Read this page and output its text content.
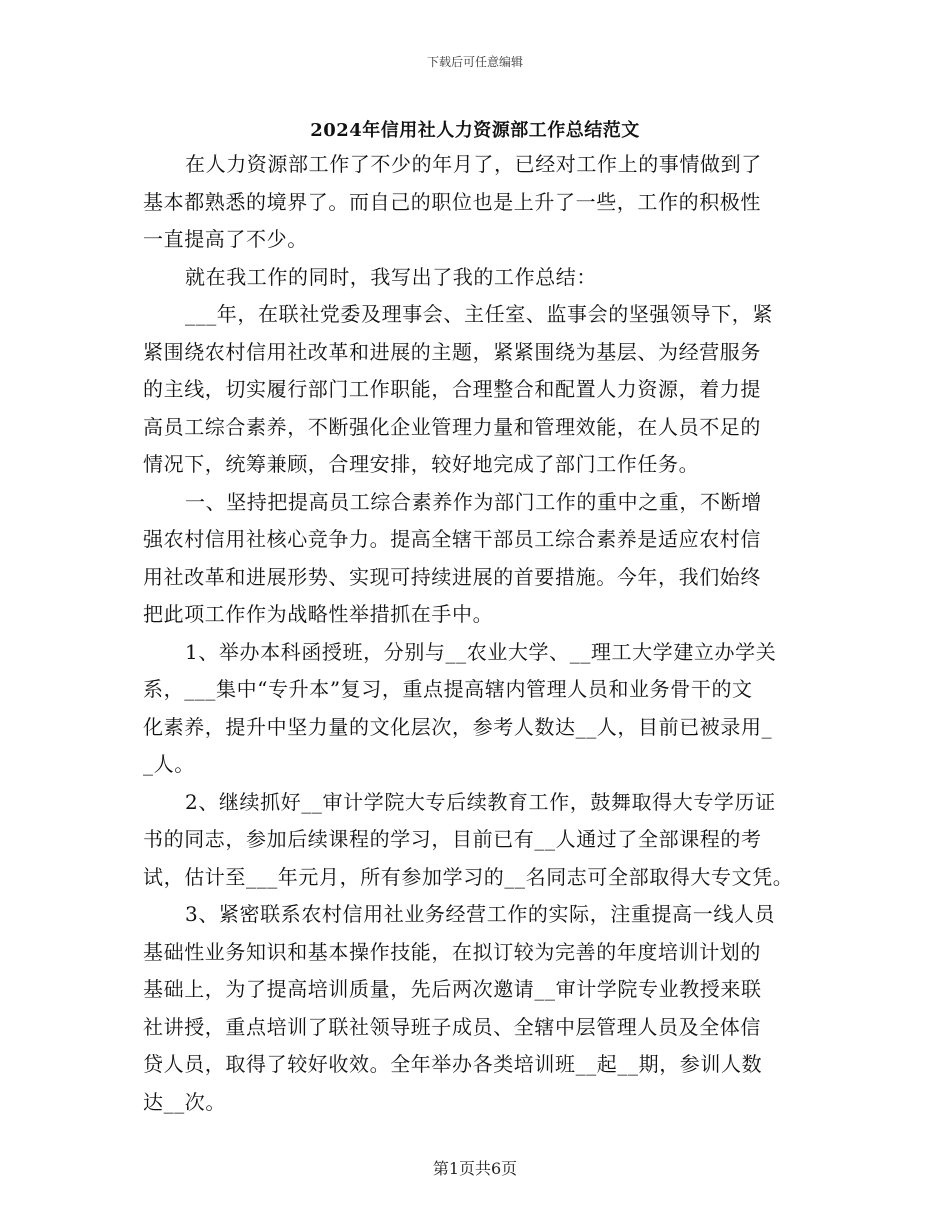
下载后可任意编辑
2024年信用社人力资源部工作总结范文
在人力资源部工作了不少的年月了，已经对工作上的事情做到了
基本都熟悉的境界了。而自己的职位也是上升了一些，工作的积极性
一直提高了不少。
就在我工作的同时，我写出了我的工作总结：
___年，在联社党委及理事会、主任室、监事会的坚强领导下，紧
紧围绕农村信用社改革和进展的主题，紧紧围绕为基层、为经营服务
的主线，切实履行部门工作职能，合理整合和配置人力资源，着力提
高员工综合素养，不断强化企业管理力量和管理效能，在人员不足的
情况下，统筹兼顾，合理安排，较好地完成了部门工作任务。
一、坚持把提高员工综合素养作为部门工作的重中之重，不断增
强农村信用社核心竞争力。提高全辖干部员工综合素养是适应农村信
用社改革和进展形势、实现可持续进展的首要措施。今年，我们始终
把此项工作作为战略性举措抓在手中。
1、举办本科函授班，分别与__农业大学、__理工大学建立办学关
系，___集中“专升本”复习，重点提高辖内管理人员和业务骨干的文
化素养，提升中坚力量的文化层次，参考人数达__人，目前已被录用_
_人。
2、继续抓好__审计学院大专后续教育工作，鼓舞取得大专学历证
书的同志，参加后续课程的学习，目前已有__人通过了全部课程的考
试，估计至___年元月，所有参加学习的__名同志可全部取得大专文凭。
3、紧密联系农村信用社业务经营工作的实际，注重提高一线人员
基础性业务知识和基本操作技能，在拟订较为完善的年度培训计划的
基础上，为了提高培训质量，先后两次邀请__审计学院专业教授来联
社讲授，重点培训了联社领导班子成员、全辖中层管理人员及全体信
贷人员，取得了较好收效。全年举办各类培训班__起__期，参训人数
达__次。
第1页共6页
